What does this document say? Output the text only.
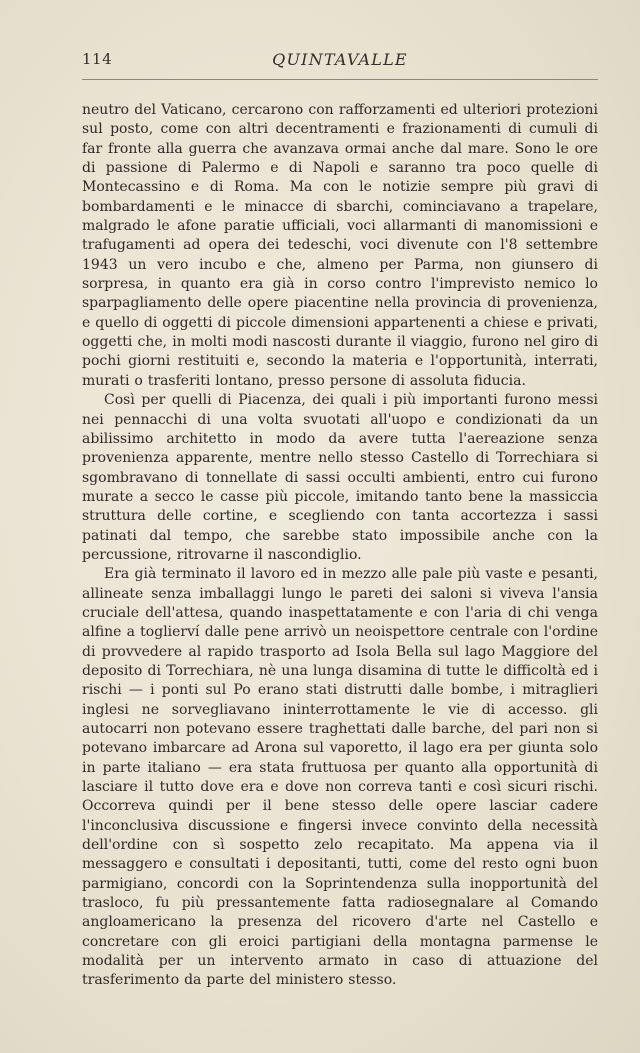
114	QUINTAVALLE

neutro del Vaticano, cercarono con rafforzamenti ed ulteriori protezioni sul posto, come con altri decentramenti e frazionamenti di cumuli di far fronte alla guerra che avanzava ormai anche dal mare. Sono le ore di passione di Palermo e di Napoli e saranno tra poco quelle di Montecassino e di Roma. Ma con le notizie sempre più gravi di bombardamenti e le minacce di sbarchi, cominciavano a trapelare, malgrado le afone paratie ufficiali, voci allarmanti di manomissioni e trafugamenti ad opera dei tedeschi, voci divenute con l'8 settembre 1943 un vero incubo e che, almeno per Parma, non giunsero di sorpresa, in quanto era già in corso contro l'imprevisto nemico lo sparpagliamento delle opere piacentine nella provincia di provenienza, e quello di oggetti di piccole dimensioni appartenenti a chiese e privati, oggetti che, in molti modi nascosti durante il viaggio, furono nel giro di pochi giorni restituiti e, secondo la materia e l'opportunità, interrati, murati o trasferiti lontano, presso persone di assoluta fiducia.

Così per quelli di Piacenza, dei quali i più importanti furono messi nei pennacchi di una volta svuotati all'uopo e condizionati da un abilissimo architetto in modo da avere tutta l'aereazione senza provenienza apparente, mentre nello stesso Castello di Torrechiara si sgombravano di tonnellate di sassi occulti ambienti, entro cui furono murate a secco le casse più piccole, imitando tanto bene la massiccia struttura delle cortine, e scegliendo con tanta accortezza i sassi patinati dal tempo, che sarebbe stato impossibile anche con la percussione, ritrovarne il nascondiglio.

Era già terminato il lavoro ed in mezzo alle pale più vaste e pesanti, allineate senza imballaggi lungo le pareti dei saloni si viveva l'ansia cruciale dell'attesa, quando inaspettatamente e con l'aria di chi venga alfine a toglierví dalle pene arrivò un neoispettore centrale con l'ordine di provvedere al rapido trasporto ad Isola Bella sul lago Maggiore del deposito di Torrechiara, nè una lunga disamina di tutte le difficoltà ed i rischi — i ponti sul Po erano stati distrutti dalle bombe, i mitraglieri inglesi ne sorvegliavano ininterrottamente le vie di accesso. gli autocarri non potevano essere traghettati dalle barche, del pari non si potevano imbarcare ad Arona sul vaporetto, il lago era per giunta solo in parte italiano — era stata fruttuosa per quanto alla opportunità di lasciare il tutto dove era e dove non correva tanti e così sicuri rischi. Occorreva quindi per il bene stesso delle opere lasciar cadere l'inconclusiva discussione e fingersi invece convinto della necessità dell'ordine con sì sospetto zelo recapitato. Ma appena via il messaggero e consultati i depositanti, tutti, come del resto ogni buon parmigiano, concordi con la Soprintendenza sulla inopportunità del trasloco, fu più pressantemente fatta radiosegnalare al Comando angloamericano la presenza del ricovero d'arte nel Castello e concretare con gli eroici partigiani della montagna parmense le modalità per un intervento armato in caso di attuazione del trasferimento da parte del ministero stesso.
